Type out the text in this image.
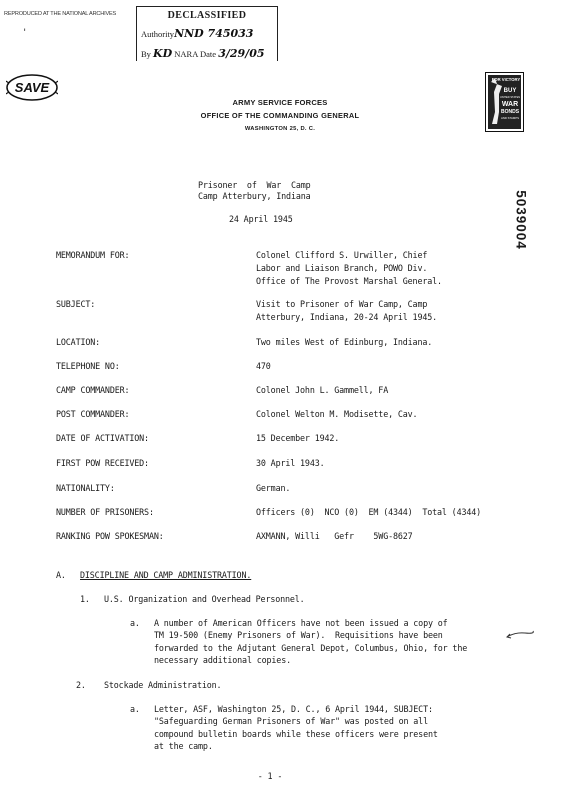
REPRODUCED AT THE NATIONAL ARCHIVES
'
DECLASSIFIED
AuthorityNND 745033
By KD NARA Date 3/29/05
SAVE
ARMY SERVICE FORCES
OFFICE OF THE COMMANDING GENERAL
WASHINGTON 25, D. C.
FOR VICTORY
BUY
UNITED STATES
WAR
BONDS
AND STAMPS
5039004
Prisoner  of  War  Camp
Camp Atterbury, Indiana
24 April 1945
MEMORANDUM FOR:	Colonel Clifford S. Urwiller, Chief
Labor and Liaison Branch, POWO Div.
Office of The Provost Marshal General.
SUBJECT:	Visit to Prisoner of War Camp, Camp
Atterbury, Indiana, 20-24 April 1945.
LOCATION:	Two miles West of Edinburg, Indiana.
TELEPHONE NO:	470
CAMP COMMANDER:	Colonel John L. Gammell, FA
POST COMMANDER:	Colonel Welton M. Modisette, Cav.
DATE OF ACTIVATION:	15 December 1942.
FIRST POW RECEIVED:	30 April 1943.
NATIONALITY:	German.
NUMBER OF PRISONERS:	Officers (0)  NCO (0)  EM (4344)  Total (4344)
RANKING POW SPOKESMAN:	AXMANN, Willi   Gefr    5WG-8627
A. DISCIPLINE AND CAMP ADMINISTRATION.
1. U.S. Organization and Overhead Personnel.
a. A number of American Officers have not been issued a copy of
TM 19-500 (Enemy Prisoners of War).  Requisitions have been
forwarded to the Adjutant General Depot, Columbus, Ohio, for the
necessary additional copies.
2. Stockade Administration.
a. Letter, ASF, Washington 25, D. C., 6 April 1944, SUBJECT:
"Safeguarding German Prisoners of War" was posted on all
compound bulletin boards while these officers were present
at the camp.
- 1 -
